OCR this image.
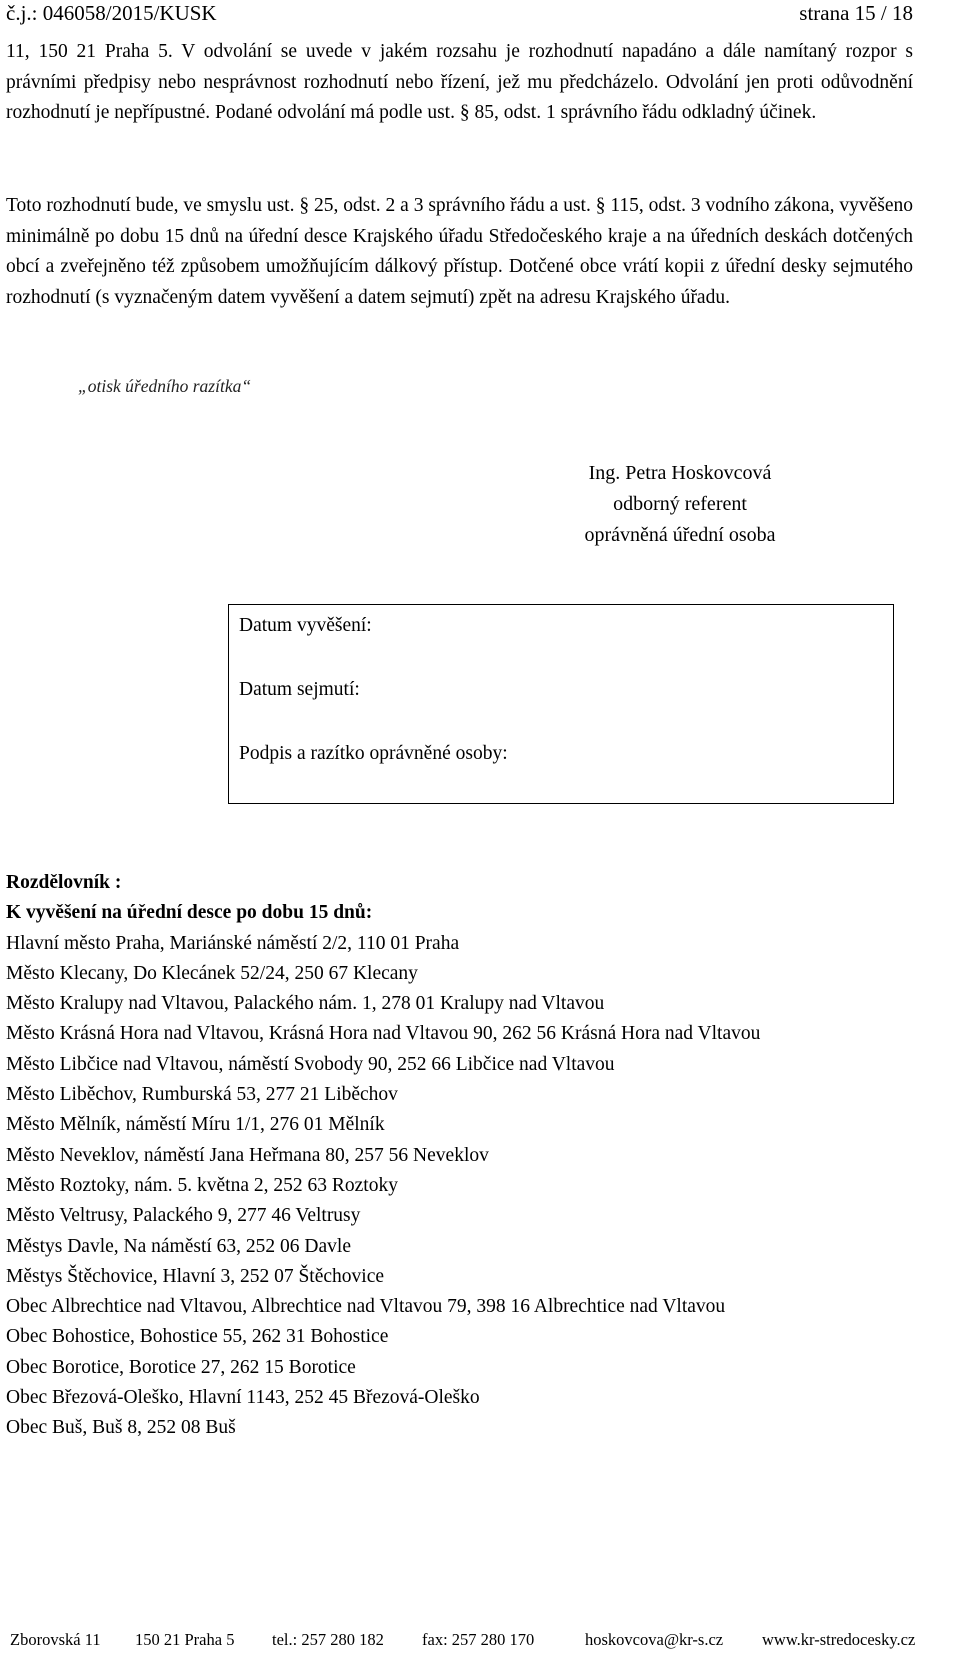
č.j.: 046058/2015/KUSK	strana 15 / 18

11, 150 21 Praha 5. V odvolání se uvede v jakém rozsahu je rozhodnutí napadáno a dále namítaný rozpor s právními předpisy nebo nesprávnost rozhodnutí nebo řízení, jež mu předcházelo. Odvolání jen proti odůvodnění rozhodnutí je nepřípustné. Podané odvolání má podle ust. § 85, odst. 1 správního řádu odkladný účinek.

Toto rozhodnutí bude, ve smyslu ust. § 25, odst. 2 a 3 správního řádu a ust. § 115, odst. 3 vodního zákona, vyvěšeno minimálně po dobu 15 dnů na úřední desce Krajského úřadu Středočeského kraje a na úředních deskách dotčených obcí a zveřejněno též způsobem umožňujícím dálkový přístup. Dotčené obce vrátí kopii z úřední desky sejmutého rozhodnutí (s vyznačeným datem vyvěšení a datem sejmutí) zpět na adresu Krajského úřadu.

„otisk úředního razítka“
Ing. Petra Hoskovcová
odborný referent
oprávněná úřední osoba
Datum vyvěšení:
Datum sejmutí:
Podpis a razítko oprávněné osoby:
Rozdělovník :
K vyvěšení na úřední desce po dobu 15 dnů:
Hlavní město Praha, Mariánské náměstí 2/2, 110 01 Praha
Město Klecany, Do Klecánek 52/24, 250 67 Klecany
Město Kralupy nad Vltavou, Palackého nám. 1, 278 01 Kralupy nad Vltavou
Město Krásná Hora nad Vltavou, Krásná Hora nad Vltavou 90, 262 56 Krásná Hora nad Vltavou
Město Libčice nad Vltavou, náměstí Svobody 90, 252 66 Libčice nad Vltavou
Město Liběchov, Rumburská 53, 277 21 Liběchov
Město Mělník, náměstí Míru 1/1, 276 01 Mělník
Město Neveklov, náměstí Jana Heřmana 80, 257 56 Neveklov
Město Roztoky, nám. 5. května 2, 252 63 Roztoky
Město Veltrusy, Palackého 9, 277 46 Veltrusy
Městys Davle, Na náměstí 63, 252 06 Davle
Městys Štěchovice, Hlavní 3, 252 07 Štěchovice
Obec Albrechtice nad Vltavou, Albrechtice nad Vltavou 79, 398 16 Albrechtice nad Vltavou
Obec Bohostice, Bohostice 55, 262 31 Bohostice
Obec Borotice, Borotice 27, 262 15 Borotice
Obec Březová-Oleško, Hlavní 1143, 252 45 Březová-Oleško
Obec Buš, Buš 8, 252 08 Buš
Zborovská 11 150 21 Praha 5 tel.: 257 280 182 fax: 257 280 170	hoskovcova@kr-s.cz www.kr-stredocesky.cz
